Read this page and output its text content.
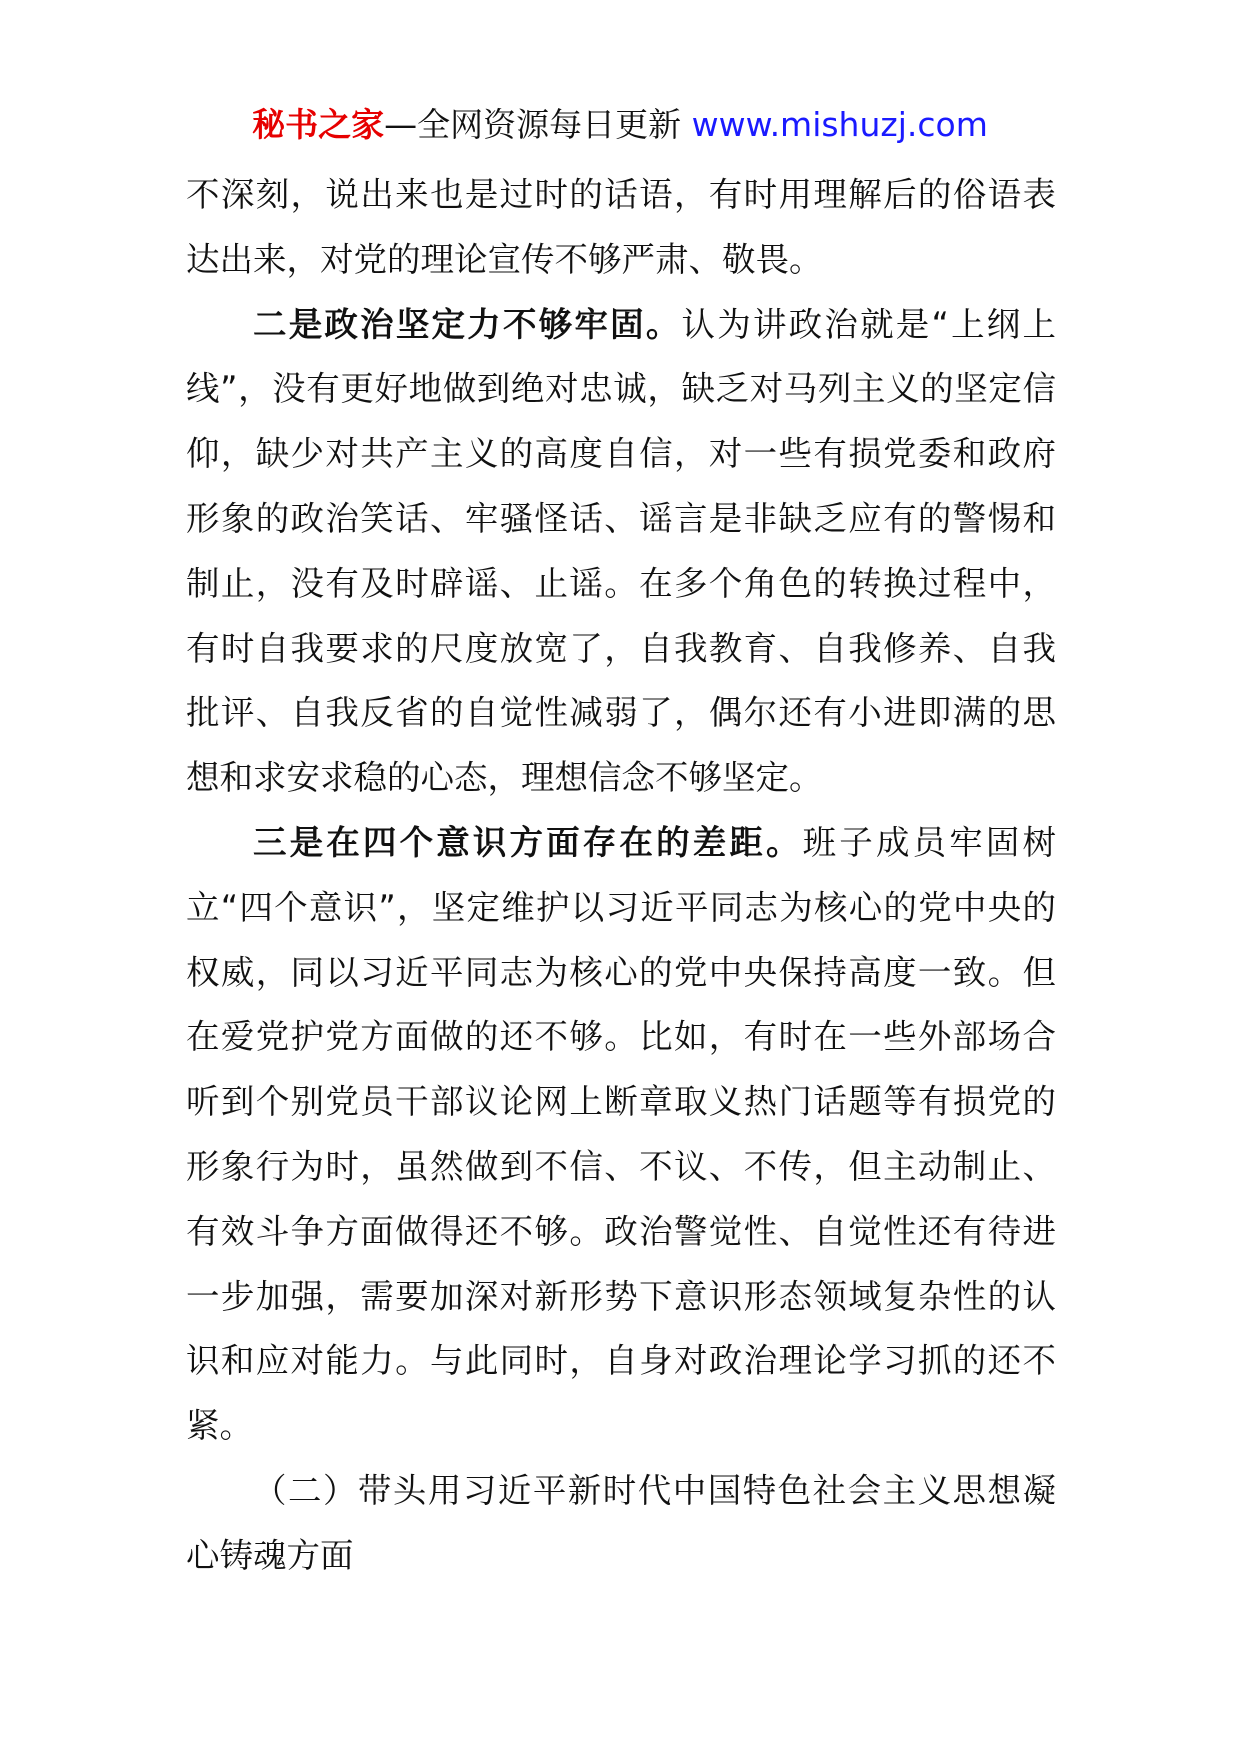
秘书之家—全网资源每日更新 www.mishuzj.com

不深刻，说出来也是过时的话语，有时用理解后的俗语表达出来，对党的理论宣传不够严肃、敬畏。

二是政治坚定力不够牢固。认为讲政治就是“上纲上线”，没有更好地做到绝对忠诚，缺乏对马列主义的坚定信仰，缺少对共产主义的高度自信，对一些有损党委和政府形象的政治笑话、牢骚怪话、谣言是非缺乏应有的警惕和制止，没有及时辟谣、止谣。在多个角色的转换过程中，有时自我要求的尺度放宽了，自我教育、自我修养、自我批评、自我反省的自觉性减弱了，偶尔还有小进即满的思想和求安求稳的心态，理想信念不够坚定。

三是在四个意识方面存在的差距。班子成员牢固树立“四个意识”，坚定维护以习近平同志为核心的党中央的权威，同以习近平同志为核心的党中央保持高度一致。但在爱党护党方面做的还不够。比如，有时在一些外部场合听到个别党员干部议论网上断章取义热门话题等有损党的形象行为时，虽然做到不信、不议、不传，但主动制止、有效斗争方面做得还不够。政治警觉性、自觉性还有待进一步加强，需要加深对新形势下意识形态领域复杂性的认识和应对能力。与此同时，自身对政治理论学习抓的还不紧。

（二）带头用习近平新时代中国特色社会主义思想凝心铸魂方面
